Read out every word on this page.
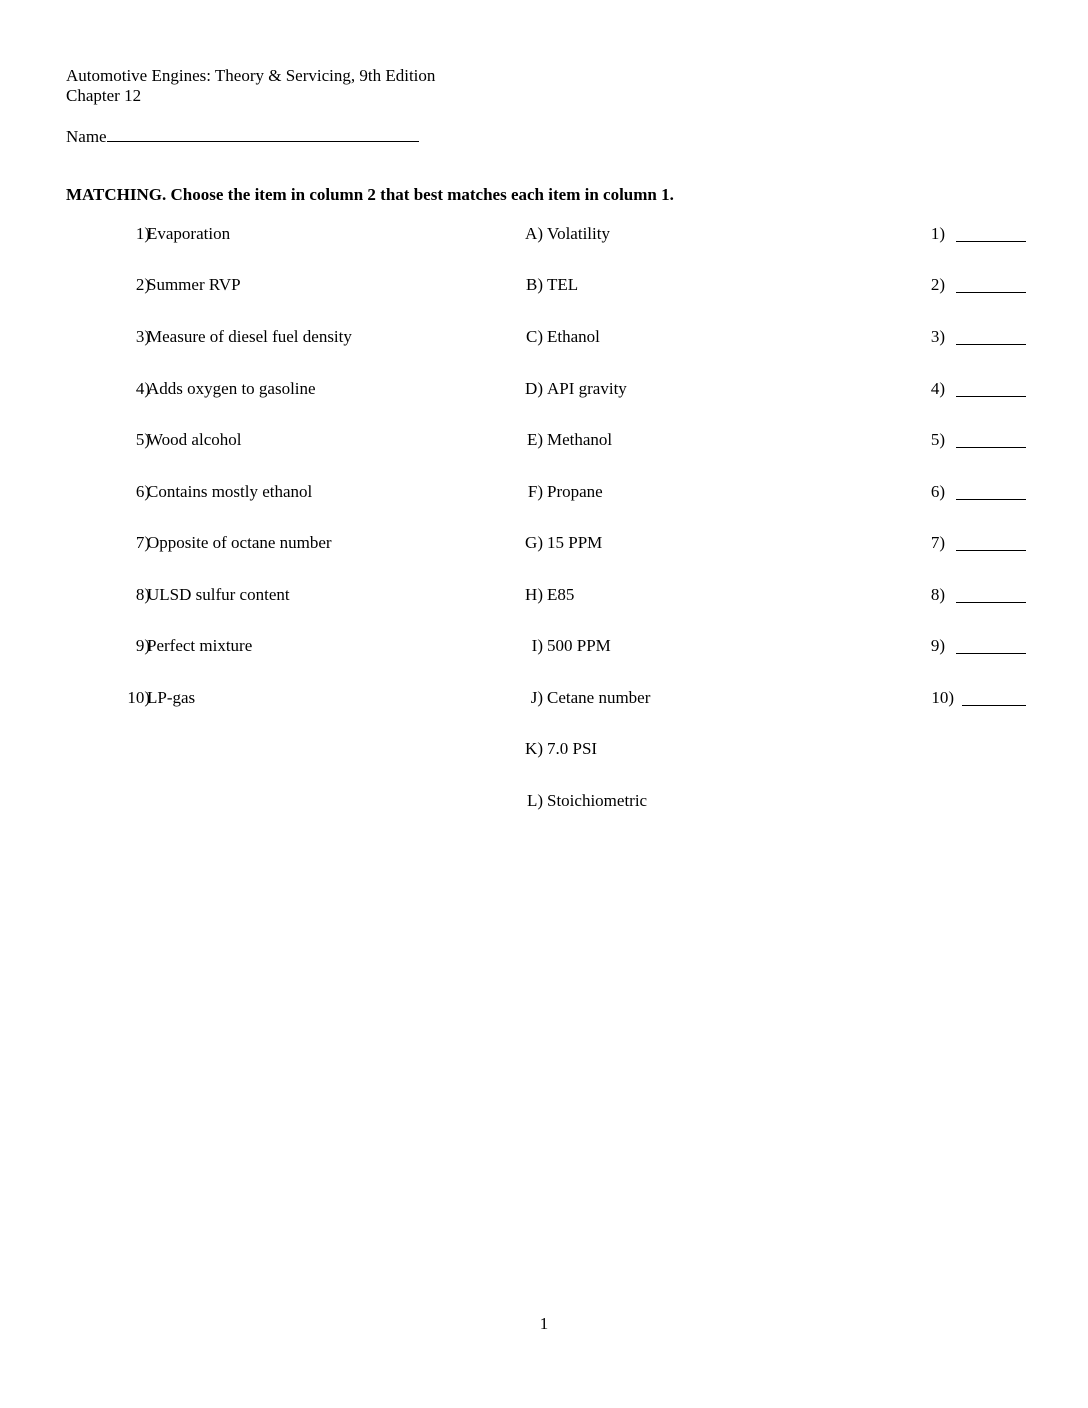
Automotive Engines: Theory & Servicing, 9th Edition
Chapter 12
Name
MATCHING. Choose the item in column 2 that best matches each item in column 1.
1)
Evaporation	A) Volatility	1)
2)
Summer RVP	B) TEL	2)
3)
Measure of diesel fuel density	C) Ethanol	3)
4)
Adds oxygen to gasoline	D) API gravity	4)
5)
Wood alcohol	E) Methanol	5)
6)
Contains mostly ethanol	F) Propane	6)
7)
Opposite of octane number	G) 15 PPM	7)
8)
ULSD sulfur content	H) E85	8)
9)
Perfect mixture	I) 500 PPM	9)
10)
LP-gas	J) Cetane number	10)
K) 7.0 PSI
L) Stoichiometric
1
